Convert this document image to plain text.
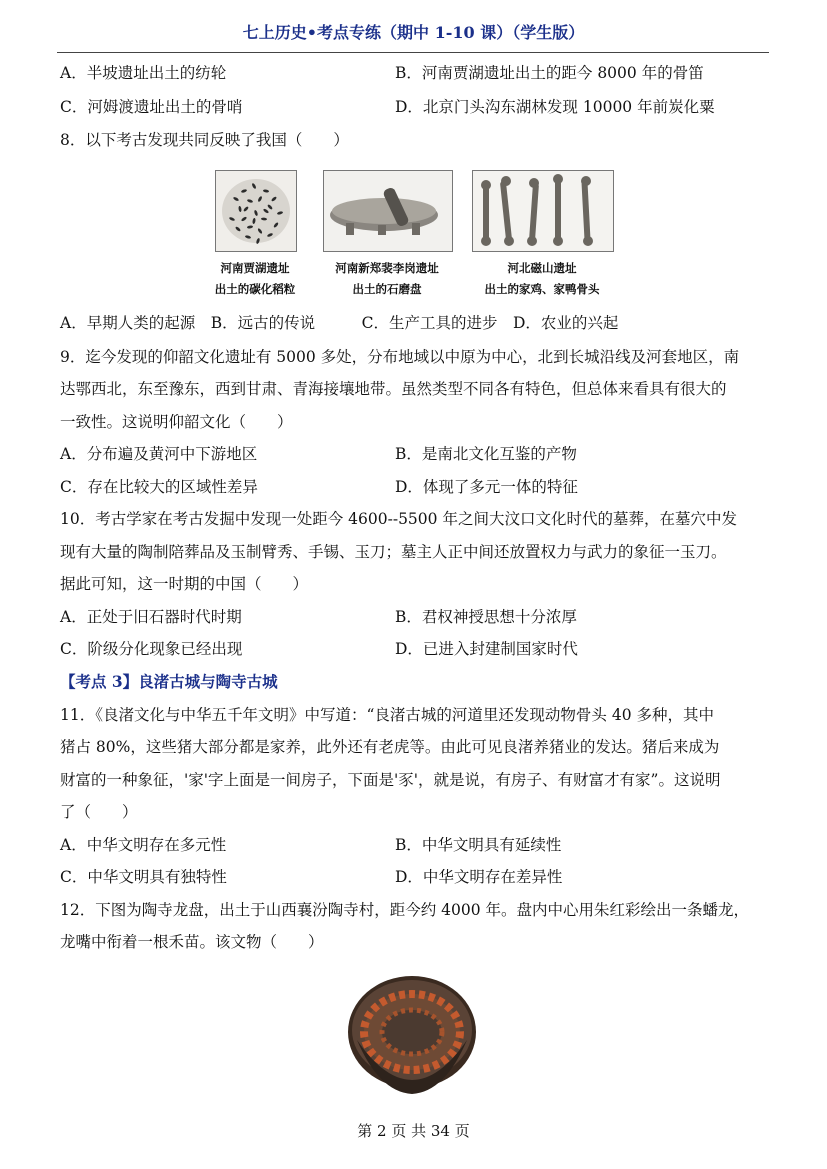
七上历史•考点专练（期中 1-10 课）（学生版）
A．半坡遗址出土的纺轮	B．河南贾湖遗址出土的距今 8000 年的骨笛
C．河姆渡遗址出土的骨哨	D．北京门头沟东湖林发现 10000 年前炭化粟
8．以下考古发现共同反映了我国（　　）
河南贾湖遗址
出土的碳化稻粒
河南新郑裴李岗遗址
出土的石磨盘
河北磁山遗址
出土的家鸡、家鸭骨头
A．早期人类的起源　B．远古的传说　　　C．生产工具的进步　D．农业的兴起
9．迄今发现的仰韶文化遗址有 5000 多处，分布地域以中原为中心，北到长城沿线及河套地区，南
达鄂西北，东至豫东，西到甘肃、青海接壤地带。虽然类型不同各有特色，但总体来看具有很大的
一致性。这说明仰韶文化（　　）
A．分布遍及黄河中下游地区	B．是南北文化互鉴的产物
C．存在比较大的区域性差异	D．体现了多元一体的特征
10．考古学家在考古发掘中发现一处距今 4600--5500 年之间大汶口文化时代的墓葬，在墓穴中发
现有大量的陶制陪葬品及玉制臂秀、手锡、玉刀；墓主人正中间还放置权力与武力的象征一玉刀。
据此可知，这一时期的中国（　　）
A．正处于旧石器时代时期	B．君权神授思想十分浓厚
C．阶级分化现象已经出现	D．已进入封建制国家时代
【考点 3】良渚古城与陶寺古城
11．《良渚文化与中华五千年文明》中写道：“良渚古城的河道里还发现动物骨头 40 多种，其中
猪占 80%，这些猪大部分都是家养，此外还有老虎等。由此可见良渚养猪业的发达。猪后来成为
财富的一种象征，'家'字上面是一间房子，下面是'豕'，就是说，有房子、有财富才有家”。这说明
了（　　）
A．中华文明存在多元性	B．中华文明具有延续性
C．中华文明具有独特性	D．中华文明存在差异性
12．下图为陶寺龙盘，出土于山西襄汾陶寺村，距今约 4000 年。盘内中心用朱红彩绘出一条蟠龙，
龙嘴中衔着一根禾苗。该文物（　　）
第 2 页 共 34 页
